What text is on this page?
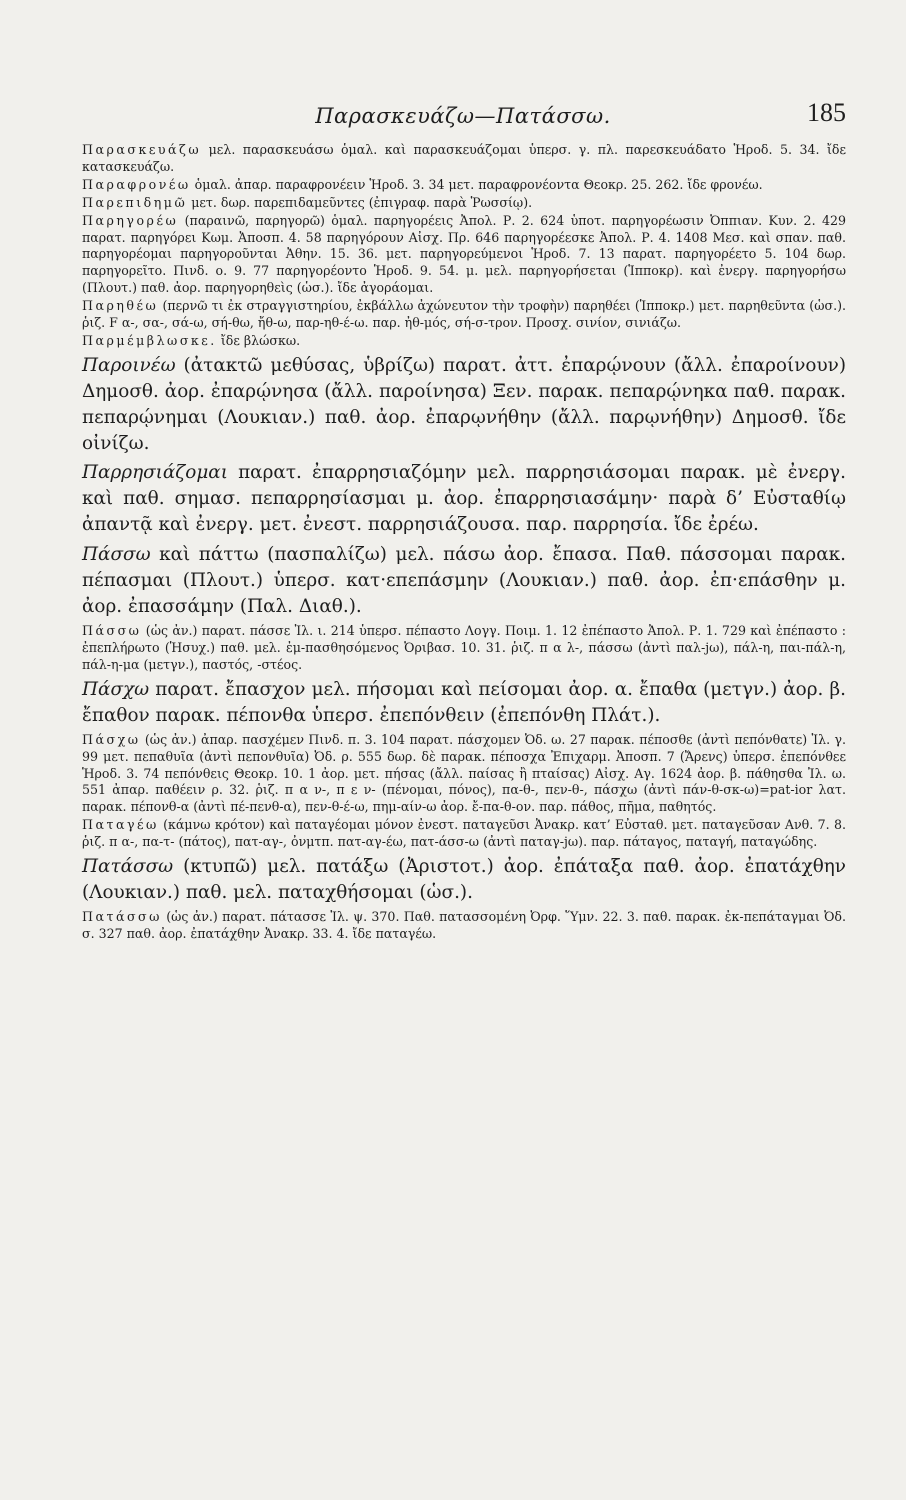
Παρασκευάζω—Πατάσσω.	185

Παρασκευάζω μελ. παρασκευάσω ὁμαλ. καὶ παρασκευάζομαι ὑπερσ. γ. πλ. παρεσκευάδατο Ἡροδ. 5. 34. ἴδε κατασκευάζω.

Παραφρονέω ὁμαλ. ἀπαρ. παραφρονέειν Ἡροδ. 3. 34 μετ. παραφρονέοντα Θεοκρ. 25. 262. ἴδε φρονέω.

Παρεπιδημῶ μετ. δωρ. παρεπιδαμεῦντες (ἐπιγραφ. παρὰ Ῥωσσίῳ).

Παρηγορέω (παραινῶ, παρηγορῶ) ὁμαλ. παρηγορέεις Ἀπολ. Ρ. 2. 624 ὑποτ. παρηγορέωσιν Ὀππιαν. Κυν. 2. 429 παρατ. παρηγόρει Κωμ. Ἀποσπ. 4. 58 παρηγόρουν Αἰσχ. Πρ. 646 παρηγορέεσκε Ἀπολ. Ρ. 4. 1408 Μεσ. καὶ σπαν. παθ. παρηγορέομαι παρηγοροῦνται Ἀθην. 15. 36. μετ. παρηγορεύμενοι Ἡροδ. 7. 13 παρατ. παρηγορέετο 5. 104 δωρ. παρηγορεῖτο. Πινδ. ο. 9. 77 παρηγορέοντο Ἡροδ. 9. 54. μ. μελ. παρηγορήσεται (Ἱπποκρ). καὶ ἐνεργ. παρηγορήσω (Πλουτ.) παθ. ἀορ. παρηγορηθεὶς (ὡσ.). ἴδε ἀγοράομαι.

Παρηθέω (περνῶ τι ἐκ στραγγιστηρίου, ἐκβάλλω ἀχώνευτον τὴν τροφὴν) παρηθέει (Ἱπποκρ.) μετ. παρηθεῦντα (ὡσ.). ῥιζ. F α-, σα-, σά-ω, σή-θω, ἤθ-ω, παρ-ηθ-έ-ω. παρ. ἠθ-μός, σή-σ-τρον. Προσχ. σινίον, σινιάζω.

Παρμέμβλωσκε. ἴδε βλώσκω.

Παροινέω (ἀτακτῶ μεθύσας, ὑβρίζω) παρατ. ἀττ. ἐπαρῴνουν (ἄλλ. ἐπαροίνουν) Δημοσθ. ἀορ. ἐπαρῴνησα (ἄλλ. παροίνησα) Ξεν. παρακ. πεπαρῴνηκα παθ. παρακ. πεπαρῴνημαι (Λουκιαν.) παθ. ἀορ. ἐπαρῳνήθην (ἄλλ. παρῳνήθην) Δημοσθ. ἴδε οἰνίζω.

Παρρησιάζομαι παρατ. ἐπαρρησιαζόμην μελ. παρρησιάσομαι παρακ. μὲ ἐνεργ. καὶ παθ. σημασ. πεπαρρησίασμαι μ. ἀορ. ἐπαρρησιασάμην· παρὰ δ’ Εὐσταθίῳ ἀπαντᾷ καὶ ἐνεργ. μετ. ἐνεστ. παρρησιάζουσα. παρ. παρρησία. ἴδε ἐρέω.

Πάσσω καὶ πάττω (πασπαλίζω) μελ. πάσω ἀορ. ἔπασα. Παθ. πάσσομαι παρακ. πέπασμαι (Πλουτ.) ὑπερσ. κατ·επεπάσμην (Λουκιαν.) παθ. ἀορ. ἐπ·επάσθην μ. ἀορ. ἐπασσάμην (Παλ. Διαθ.).

Πάσσω (ὡς ἀν.) παρατ. πάσσε Ἰλ. ι. 214 ὑπερσ. πέπαστο Λογγ. Ποιμ. 1. 12 ἐπέπαστο Ἀπολ. Ρ. 1. 729 καὶ ἐπέπαστο : ἐπεπλήρωτο (Ἡσυχ.) παθ. μελ. ἐμ-πασθησόμενος Ὀριβασ. 10. 31. ῥιζ. π α λ-, πάσσω (ἀντὶ παλ-jω), πάλ-η, παι-πάλ-η, πάλ-η-μα (μετγν.), παστός, -στέος.

Πάσχω παρατ. ἔπασχον μελ. πήσομαι καὶ πείσομαι ἀορ. α. ἔπαθα (μετγν.) ἀορ. β. ἔπαθον παρακ. πέπονθα ὑπερσ. ἐπεπόνθειν (ἐπεπόνθη Πλάτ.).

Πάσχω (ὡς ἀν.) ἀπαρ. πασχέμεν Πινδ. π. 3. 104 παρατ. πάσχομεν Ὀδ. ω. 27 παρακ. πέποσθε (ἀντὶ πεπόνθατε) Ἰλ. γ. 99 μετ. πεπαθυῖα (ἀντὶ πεπονθυῖα) Ὀδ. ρ. 555 δωρ. δὲ παρακ. πέποσχα Ἐπιχαρμ. Ἀποσπ. 7 (Ἄρενς) ὑπερσ. ἐπεπόνθεε Ἡροδ. 3. 74 πεπόνθεις Θεοκρ. 10. 1 ἀορ. μετ. πήσας (ἄλλ. παίσας ἢ πταίσας) Αἰσχ. Αγ. 1624 ἀορ. β. πάθησθα Ἰλ. ω. 551 ἀπαρ. παθέειν ρ. 32. ῥιζ. π α ν-, π ε ν- (πένομαι, πόνος), πα-θ-, πεν-θ-, πάσχω (ἀντὶ πάν-θ-σκ-ω)=pat-ior λατ. παρακ. πέπονθ-α (ἀντὶ πέ-πενθ-α), πεν-θ-έ-ω, πημ-αίν-ω ἀορ. ἔ-πα-θ-ον. παρ. πάθος, πῆμα, παθητός.

Παταγέω (κάμνω κρότον) καὶ παταγέομαι μόνον ἐνεστ. παταγεῦσι Ἀνακρ. κατ’ Εὐσταθ. μετ. παταγεῦσαν Ανθ. 7. 8. ῥιζ. π α-, πα-τ- (πάτος), πατ-αγ-, ὀνμτπ. πατ-αγ-έω, πατ-άσσ-ω (ἀντὶ παταγ-jω). παρ. πάταγος, παταγή, παταγώδης.

Πατάσσω (κτυπῶ) μελ. πατάξω (Ἀριστοτ.) ἀορ. ἐπάταξα παθ. ἀορ. ἐπατάχθην (Λουκιαν.) παθ. μελ. παταχθήσομαι (ὡσ.).

Πατάσσω (ὡς ἀν.) παρατ. πάτασσε Ἰλ. ψ. 370. Παθ. πατασσομένη Ὀρφ. Ὕμν. 22. 3. παθ. παρακ. ἐκ-πεπάταγμαι Ὀδ. σ. 327 παθ. ἀορ. ἐπατάχθην Ἀνακρ. 33. 4. ἴδε παταγέω.
